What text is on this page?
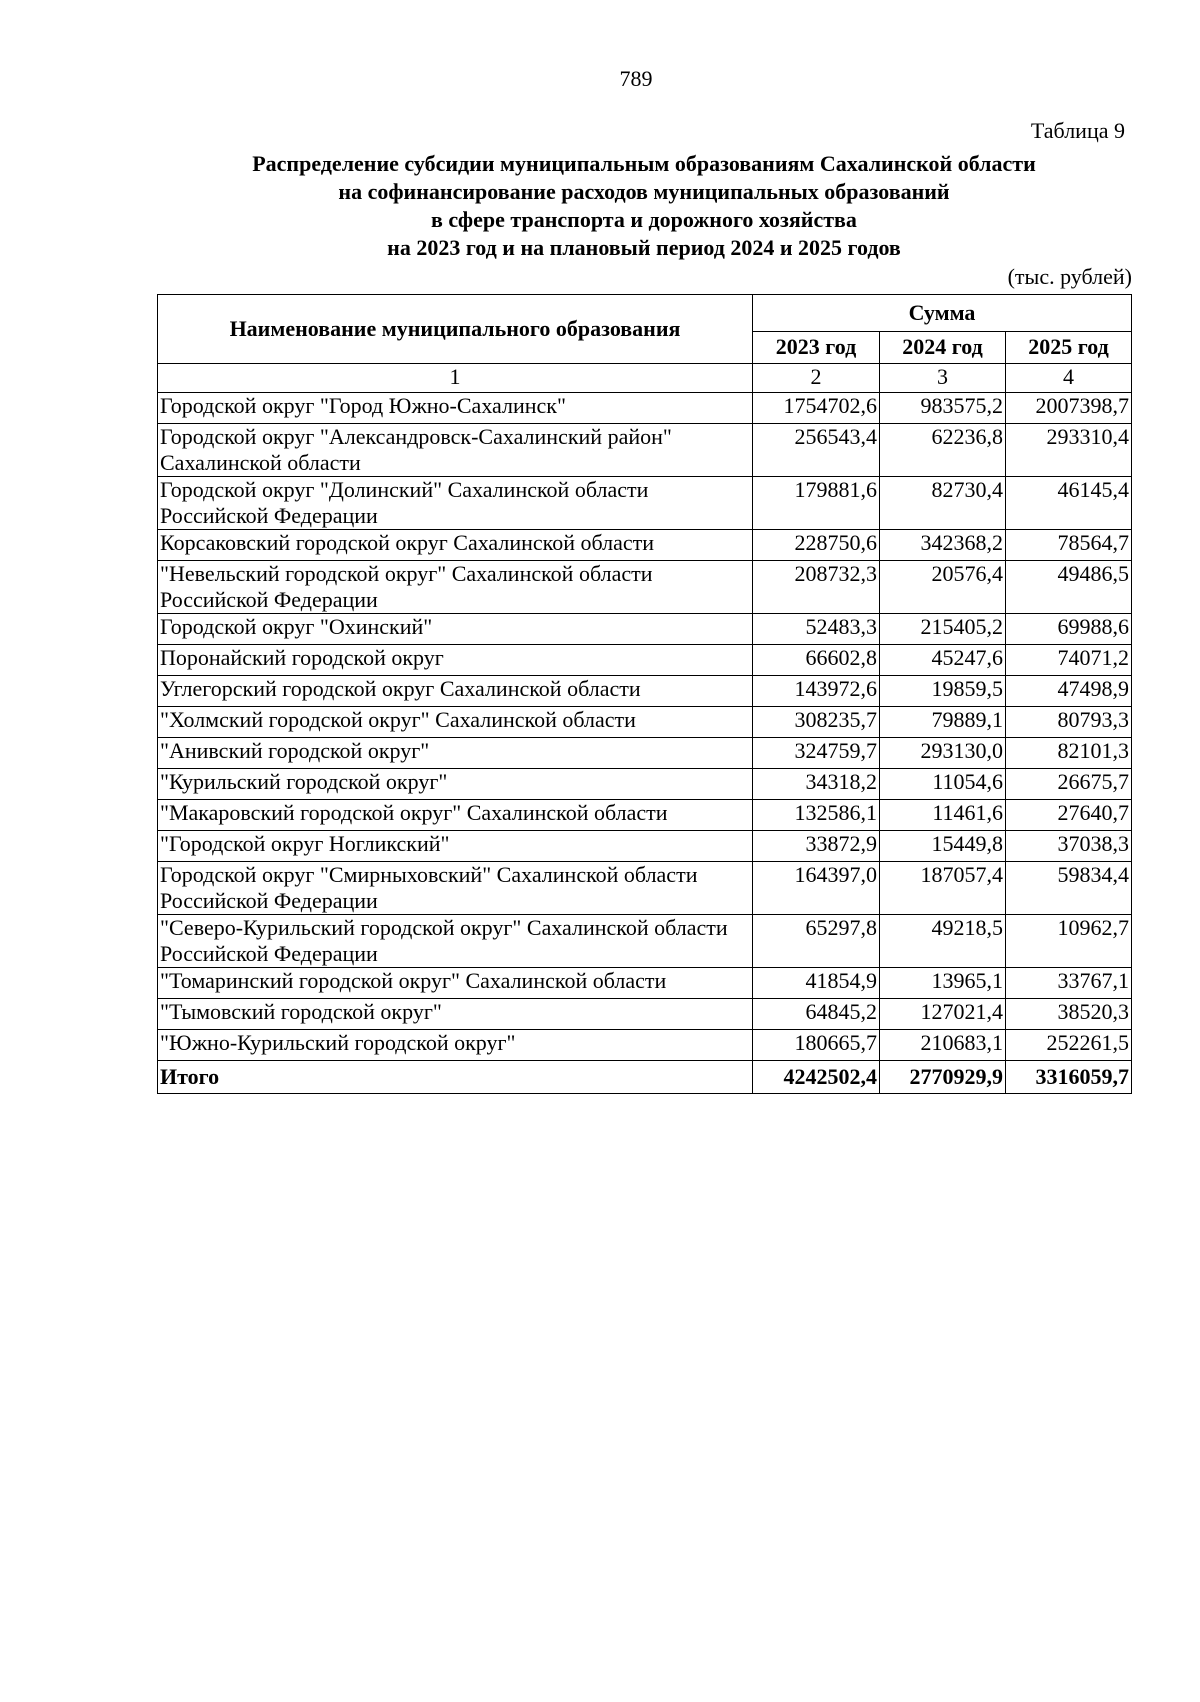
789
Таблица 9
Распределение субсидии муниципальным образованиям Сахалинской области
на софинансирование расходов муниципальных образований
в сфере транспорта и дорожного хозяйства
на 2023 год и на плановый период 2024 и 2025 годов
(тыс. рублей)
Наименование муниципального образования	Сумма		
	2023 год	2024 год	2025 год
1	2	3	4
Городской округ "Город Южно-Сахалинск"	1754702,6	983575,2	2007398,7
Городской округ "Александровск-Сахалинский район" Сахалинской области	256543,4	62236,8	293310,4
Городской округ "Долинский" Сахалинской области Российской Федерации	179881,6	82730,4	46145,4
Корсаковский городской округ Сахалинской области	228750,6	342368,2	78564,7
"Невельский городской округ" Сахалинской области Российской Федерации	208732,3	20576,4	49486,5
Городской округ "Охинский"	52483,3	215405,2	69988,6
Поронайский городской округ	66602,8	45247,6	74071,2
Углегорский городской округ Сахалинской области	143972,6	19859,5	47498,9
"Холмский городской округ" Сахалинской области	308235,7	79889,1	80793,3
"Анивский городской округ"	324759,7	293130,0	82101,3
"Курильский городской округ"	34318,2	11054,6	26675,7
"Макаровский городской округ" Сахалинской области	132586,1	11461,6	27640,7
"Городской округ Ногликский"	33872,9	15449,8	37038,3
Городской округ "Смирныховский" Сахалинской области Российской Федерации	164397,0	187057,4	59834,4
"Северо-Курильский городской округ" Сахалинской области Российской Федерации	65297,8	49218,5	10962,7
"Томаринский городской округ" Сахалинской области	41854,9	13965,1	33767,1
"Тымовский городской округ"	64845,2	127021,4	38520,3
"Южно-Курильский городской округ"	180665,7	210683,1	252261,5
Итого	4242502,4	2770929,9	3316059,7
